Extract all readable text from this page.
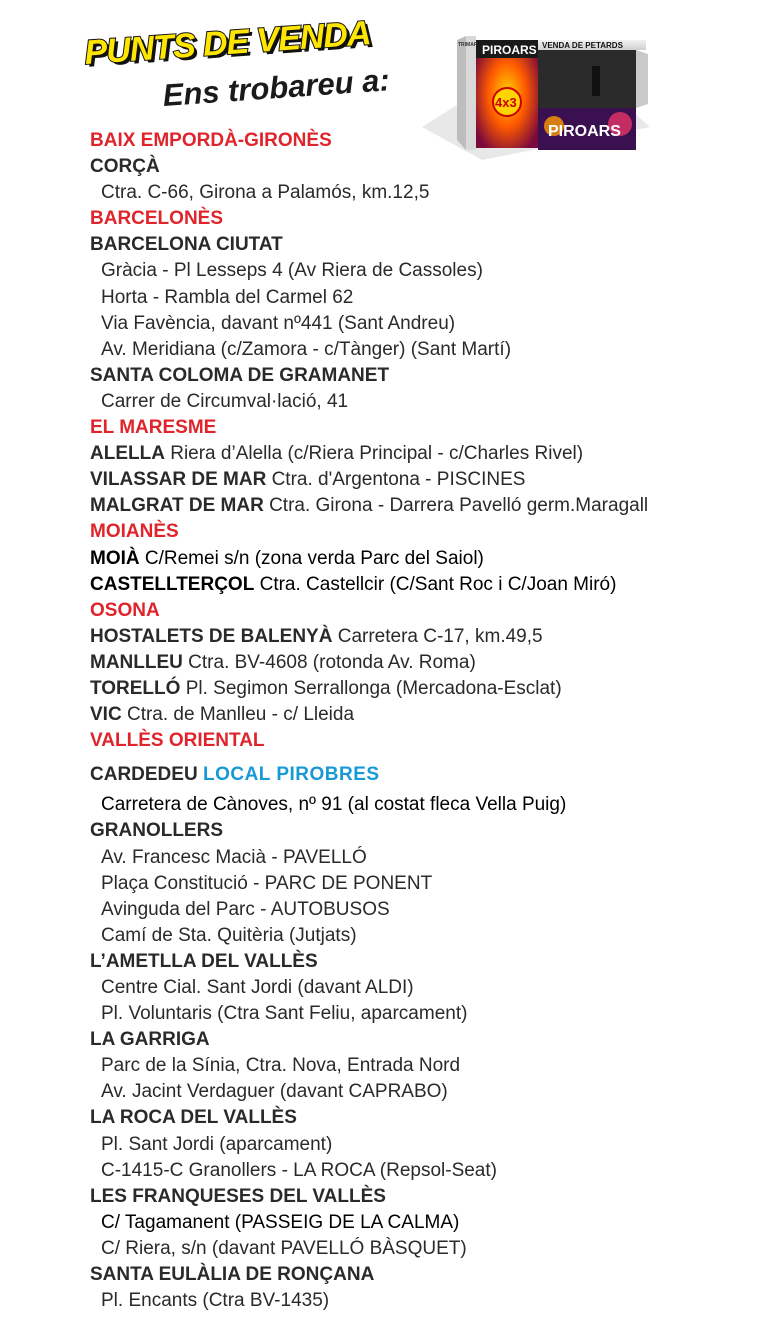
PUNTS DE VENDA
Ens trobareu a:
PIROARS
4x3
VENDA DE PETARDS
PIROARS
TRIMAR
BAIX EMPORDÀ-GIRONÈS
CORÇÀ
Ctra. C-66, Girona a Palamós, km.12,5
BARCELONÈS
BARCELONA CIUTAT
Gràcia - Pl Lesseps 4 (Av Riera de Cassoles)
Horta - Rambla del Carmel 62
Via Favència, davant nº441 (Sant Andreu)
Av. Meridiana (c/Zamora - c/Tànger) (Sant Martí)
SANTA COLOMA DE GRAMANET
Carrer de Circumval·lació, 41
EL MARESME
ALELLA Riera d’Alella (c/Riera Principal - c/Charles Rivel)
VILASSAR DE MAR Ctra. d'Argentona - PISCINES
MALGRAT DE MAR Ctra. Girona - Darrera Pavelló germ.Maragall
MOIANÈS
MOIÀ C/Remei s/n (zona verda Parc del Saiol)
CASTELLTERÇOL Ctra. Castellcir (C/Sant Roc i C/Joan Miró)
OSONA
HOSTALETS DE BALENYÀ Carretera C-17, km.49,5
MANLLEU Ctra. BV-4608 (rotonda Av. Roma)
TORELLÓ Pl. Segimon Serrallonga (Mercadona-Esclat)
VIC Ctra. de Manlleu - c/ Lleida
VALLÈS ORIENTAL
CARDEDEU LOCAL PIROBRES
Carretera de Cànoves, nº 91 (al costat fleca Vella Puig)
GRANOLLERS
Av. Francesc Macià - PAVELLÓ
Plaça Constitució - PARC DE PONENT
Avinguda del Parc - AUTOBUSOS
Camí de Sta. Quitèria (Jutjats)
L’AMETLLA DEL VALLÈS
Centre Cial. Sant Jordi (davant ALDI)
Pl. Voluntaris (Ctra Sant Feliu, aparcament)
LA GARRIGA
Parc de la Sínia, Ctra. Nova, Entrada Nord
Av. Jacint Verdaguer (davant CAPRABO)
LA ROCA DEL VALLÈS
Pl. Sant Jordi (aparcament)
C-1415-C Granollers - LA ROCA (Repsol-Seat)
LES FRANQUESES DEL VALLÈS
C/ Tagamanent (PASSEIG DE LA CALMA)
C/ Riera, s/n (davant PAVELLÓ BÀSQUET)
SANTA EULÀLIA DE RONÇANA
Pl. Encants (Ctra BV-1435)
